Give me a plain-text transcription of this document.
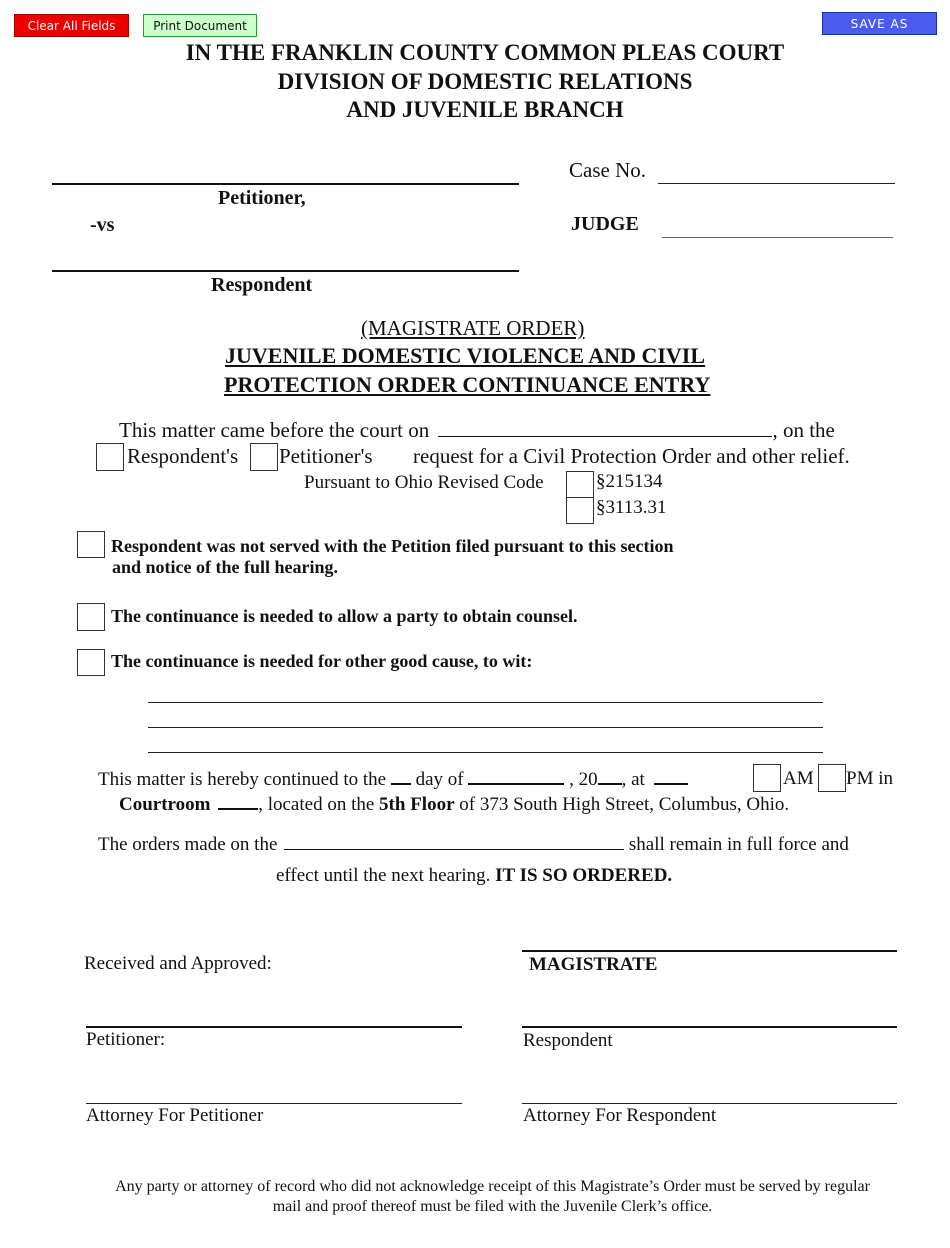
Clear All Fields	Print Document	SAVE AS
IN THE FRANKLIN COUNTY COMMON PLEAS COURT
DIVISION OF DOMESTIC RELATIONS
AND JUVENILE BRANCH
Petitioner,
-vs
Respondent
Case No.
JUDGE
(MAGISTRATE ORDER)
JUVENILE DOMESTIC VIOLENCE AND CIVIL
PROTECTION ORDER CONTINUANCE ENTRY
This matter came before the court on	, on the
Respondent's Petitioner's request for a Civil Protection Order and other relief.
Pursuant to Ohio Revised Code	§215134
§3113.31
Respondent was not served with the Petition filed pursuant to this section
and notice of the full hearing.
The continuance is needed to allow a party to obtain counsel.
The continuance is needed for other good cause, to wit:
This matter is hereby continued to the day of	, 20 , at	AM PM in
Courtroom	, located on the 5th Floor of 373 South High Street, Columbus, Ohio.
The orders made on the	shall remain in full force and
effect until the next hearing. IT IS SO ORDERED.
Received and Approved:	MAGISTRATE
Petitioner:	Respondent
Attorney For Petitioner	Attorney For Respondent
Any party or attorney of record who did not acknowledge receipt of this Magistrate’s Order must be served by regular
mail and proof thereof must be filed with the Juvenile Clerk’s office.
